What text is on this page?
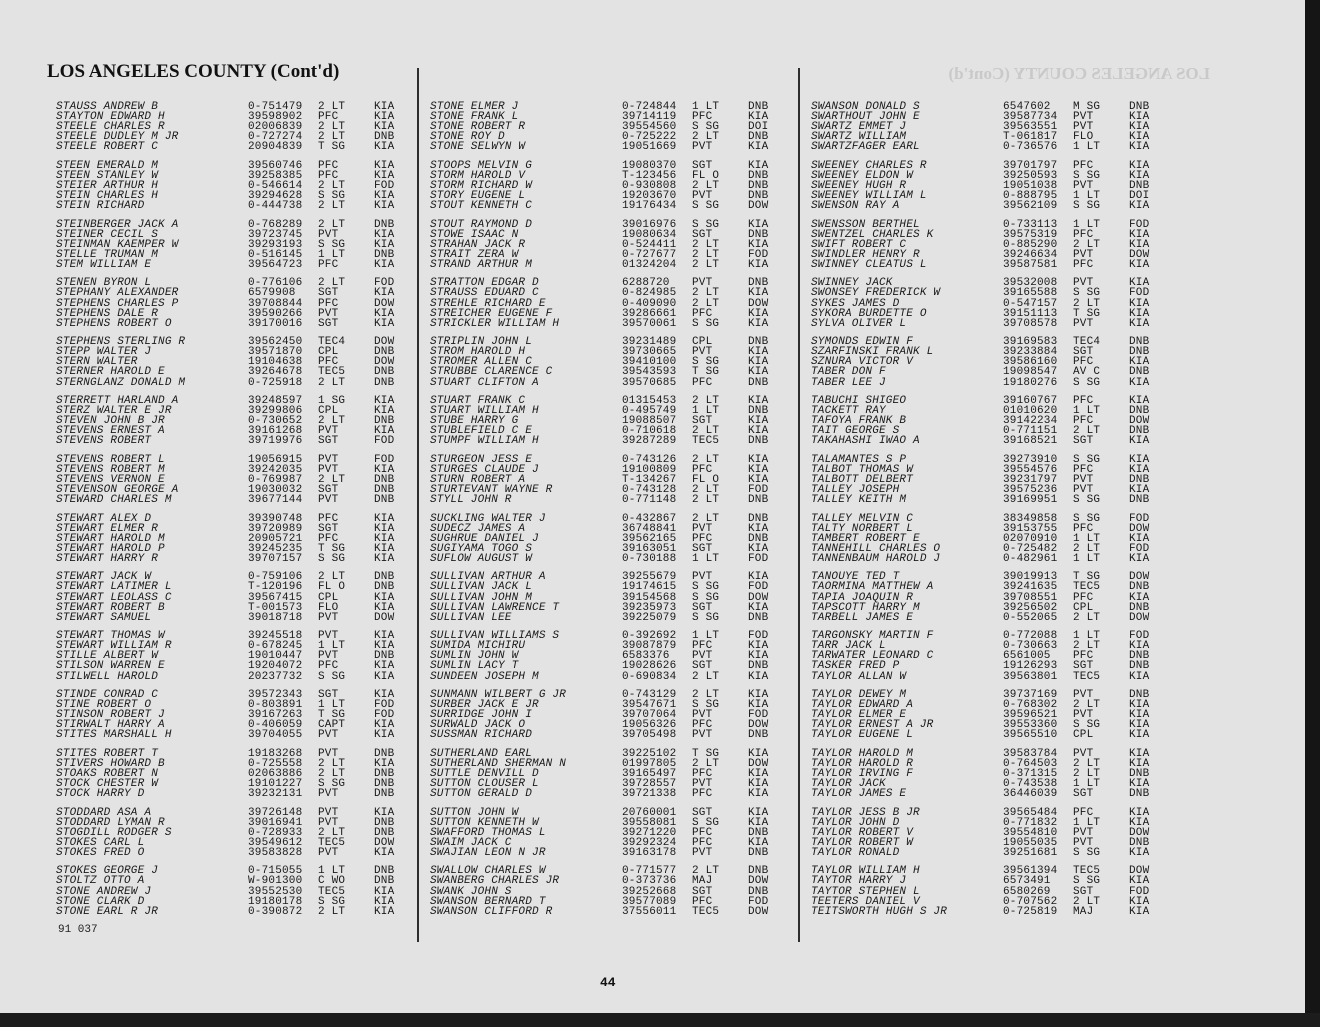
LOS ANGELES COUNTY (Cont'd)
LOS ANGELES COUNTY (Cont'd)
STAUSS ANDREW B	0-751479 2 LT	KIA
STAYTON EDWARD H	39598902 PFC	KIA
STEELE CHARLES R	02006839 2 LT	KIA
STEELE DUDLEY M JR	0-727274 2 LT	DNB
STEELE ROBERT C	20904839 T SG	KIA
STEEN EMERALD M	39560746 PFC	KIA
STEEN STANLEY W	39258385 PFC	KIA
STEIER ARTHUR H	0-546614 2 LT	FOD
STEIN CHARLES H	39294628 S SG	KIA
STEIN RICHARD	0-444738 2 LT	KIA
STEINBERGER JACK A	0-768289 2 LT	DNB
STEINER CECIL S	39723745 PVT	KIA
STEINMAN KAEMPER W	39293193 S SG	KIA
STELLE TRUMAN M	0-516145 1 LT	DNB
STEM WILLIAM E	39564723 PFC	KIA
STENEN BYRON L	0-776106 2 LT	FOD
STEPHANY ALEXANDER	6579908 SGT	KIA
STEPHENS CHARLES P	39708844 PFC	DOW
STEPHENS DALE R	39590266 PVT	KIA
STEPHENS ROBERT O	39170016 SGT	KIA
STEPHENS STERLING R	39562450 TEC4	DOW
STEPP WALTER J	39571870 CPL	DNB
STERN WALTER	19104638 PFC	DOW
STERNER HAROLD E	39264678 TEC5	DNB
STERNGLANZ DONALD M	0-725918 2 LT	DNB
STERRETT HARLAND A	39248597 1 SG	KIA
STERZ WALTER E JR	39299806 CPL	KIA
STEVEN JOHN B JR	0-730652 2 LT	DNB
STEVENS ERNEST A	39161268 PVT	KIA
STEVENS ROBERT	39719976 SGT	FOD
STEVENS ROBERT L	19056915 PVT	FOD
STEVENS ROBERT M	39242035 PVT	KIA
STEVENS VERNON E	0-769987 2 LT	DNB
STEVENSON GEORGE A	19030032 SGT	DNB
STEWARD CHARLES M	39677144 PVT	DNB
STEWART ALEX D	39390748 PFC	KIA
STEWART ELMER R	39720989 SGT	KIA
STEWART HAROLD M	20905721 PFC	KIA
STEWART HAROLD P	39245235 T SG	KIA
STEWART HARRY R	39707157 S SG	KIA
STEWART JACK W	0-759106 2 LT	DNB
STEWART LATIMER L	T-120196 FL O	DNB
STEWART LEOLASS C	39567415 CPL	KIA
STEWART ROBERT B	T-001573 FLO	KIA
STEWART SAMUEL	39018718 PVT	DOW
STEWART THOMAS W	39245518 PVT	KIA
STEWART WILLIAM R	0-678245 1 LT	KIA
STILLE ALBERT W	19010447 PVT	DNB
STILSON WARREN E	19204072 PFC	KIA
STILWELL HAROLD	20237732 S SG	KIA
STINDE CONRAD C	39572343 SGT	KIA
STINE ROBERT O	0-803891 1 LT	FOD
STINSON ROBERT J	39167263 T SG	FOD
STIRWALT HARRY A	0-406059 CAPT	KIA
STITES MARSHALL H	39704055 PVT	KIA
STITES ROBERT T	19183268 PVT	DNB
STIVERS HOWARD B	0-725558 2 LT	KIA
STOAKS ROBERT N	02063886 2 LT	DNB
STOCK CHESTER W	19101227 S SG	DNB
STOCK HARRY D	39232131 PVT	DNB
STODDARD ASA A	39726148 PVT	KIA
STODDARD LYMAN R	39016941 PVT	DNB
STOGDILL RODGER S	0-728933 2 LT	DNB
STOKES CARL L	39549612 TEC5	DOW
STOKES FRED O	39583828 PVT	KIA
STOKES GEORGE J	0-715055 1 LT	DNB
STOLTZ OTTO A	W-901300 C WO	DNB
STONE ANDREW J	39552530 TEC5	KIA
STONE CLARK D	19180178 S SG	KIA
STONE EARL R JR	0-390872 2 LT	KIA
STONE ELMER J	0-724844 1 LT	DNB
STONE FRANK L	39714119 PFC	KIA
STONE ROBERT R	39554560 S SG	DOI
STONE ROY D	0-725222 2 LT	DNB
STONE SELWYN W	19051669 PVT	KIA
STOOPS MELVIN G	19080370 SGT	KIA
STORM HAROLD V	T-123456 FL O	DNB
STORM RICHARD W	0-930808 2 LT	DNB
STORY EUGENE L	19203670 PVT	DNB
STOUT KENNETH C	19176434 S SG	DOW
STOUT RAYMOND D	39016976 S SG	KIA
STOWE ISAAC N	19080634 SGT	DNB
STRAHAN JACK R	0-524411 2 LT	KIA
STRAIT ZERA W	0-727677 2 LT	FOD
STRAND ARTHUR M	01324204 2 LT	KIA
STRATTON EDGAR D	6288720 PVT	DNB
STRAUSS EDUARD C	0-824985 2 LT	KIA
STREHLE RICHARD E	0-409090 2 LT	DOW
STREICHER EUGENE F	39286661 PFC	KIA
STRICKLER WILLIAM H	39570061 S SG	KIA
STRIPLIN JOHN L	39231489 CPL	DNB
STROM HAROLD H	39730665 PVT	KIA
STROMER ALLEN C	39410100 S SG	KIA
STRUBBE CLARENCE C	39543593 T SG	KIA
STUART CLIFTON A	39570685 PFC	DNB
STUART FRANK C	01315453 2 LT	KIA
STUART WILLIAM H	0-495749 1 LT	DNB
STUBE HARRY G	19088507 SGT	KIA
STUBLEFIELD C E	0-710618 2 LT	KIA
STUMPF WILLIAM H	39287289 TEC5	DNB
STURGEON JESS E	0-743126 2 LT	KIA
STURGES CLAUDE J	19100809 PFC	KIA
STURN ROBERT A	T-134267 FL O	KIA
STURTEVANT WAYNE R	0-743128 2 LT	FOD
STYLL JOHN R	0-771148 2 LT	DNB
SUCKLING WALTER J	0-432867 2 LT	DNB
SUDECZ JAMES A	36748841 PVT	KIA
SUGHRUE DANIEL J	39562165 PFC	DNB
SUGIYAMA TOGO S	39163051 SGT	KIA
SUFLOW AUGUST W	0-730188 1 LT	FOD
SULLIVAN ARTHUR A	39255679 PVT	KIA
SULLIVAN JACK L	19174615 S SG	FOD
SULLIVAN JOHN M	39154568 S SG	DOW
SULLIVAN LAWRENCE T	39235973 SGT	KIA
SULLIVAN LEE	39225079 S SG	DNB
SULLIVAN WILLIAMS S	0-392692 1 LT	FOD
SUMIDA MICHIRU	39087879 PFC	KIA
SUMLIN JOHN W	6583376 PVT	KIA
SUMLIN LACY T	19028626 SGT	DNB
SUNDEEN JOSEPH M	0-690834 2 LT	KIA
SUNMANN WILBERT G JR	0-743129 2 LT	KIA
SURBER JACK E JR	39547671 S SG	KIA
SURRIDGE JOHN I	39707064 PVT	FOD
SURWALD JACK O	19056326 PFC	DOW
SUSSMAN RICHARD	39705498 PVT	DNB
SUTHERLAND EARL	39225102 T SG	KIA
SUTHERLAND SHERMAN N	01997805 2 LT	DOW
SUTTLE DENVILL D	39165497 PFC	KIA
SUTTON CLOUSER L	39728557 PVT	KIA
SUTTON GERALD D	39721338 PFC	KIA
SUTTON JOHN W	20760001 SGT	KIA
SUTTON KENNETH W	39558081 S SG	KIA
SWAFFORD THOMAS L	39271220 PFC	DNB
SWAIM JACK C	39292324 PFC	KIA
SWAJIAN LEON N JR	39163178 PVT	DNB
SWALLOW CHARLES W	0-771577 2 LT	DNB
SWANBERG CHARLES JR	0-373736 MAJ	DOW
SWANK JOHN S	39252668 SGT	DNB
SWANSON BERNARD T	39577089 PFC	FOD
SWANSON CLIFFORD R	37556011 TEC5	DOW
SWANSON DONALD S	6547602 M SG	DNB
SWARTHOUT JOHN E	39587734 PVT	KIA
SWARTZ EMMET J	39563551 PVT	KIA
SWARTZ WILLIAM	T-061817 FLO	KIA
SWARTZFAGER EARL	0-736576 1 LT	KIA
SWEENEY CHARLES R	39701797 PFC	KIA
SWEENEY ELDON W	39250593 S SG	KIA
SWEENEY HUGH R	19051038 PVT	DNB
SWEENEY WILLIAM L	0-888795 1 LT	DOI
SWENSON RAY A	39562109 S SG	KIA
SWENSSON BERTHEL	0-733113 1 LT	FOD
SWENTZEL CHARLES K	39575319 PFC	KIA
SWIFT ROBERT C	0-885290 2 LT	KIA
SWINDLER HENRY R	39246634 PVT	DOW
SWINNEY CLEATUS L	39587581 PFC	KIA
SWINNEY JACK	39532008 PVT	KIA
SWONSEY FREDERICK W	39165588 S SG	FOD
SYKES JAMES D	0-547157 2 LT	KIA
SYKORA BURDETTE O	39151113 T SG	KIA
SYLVA OLIVER L	39708578 PVT	KIA
SYMONDS EDWIN F	39169583 TEC4	DNB
SZARFINSKI FRANK L	39233884 SGT	DNB
SZNURA VICTOR V	39586160 PFC	KIA
TABER DON F	19098547 AV C	DNB
TABER LEE J	19180276 S SG	KIA
TABUCHI SHIGEO	39160767 PFC	KIA
TACKETT RAY	01010620 1 LT	DNB
TAFOYA FRANK B	39142234 PFC	DOW
TAIT GEORGE S	0-771151 2 LT	DNB
TAKAHASHI IWAO A	39168521 SGT	KIA
TALAMANTES S P	39273910 S SG	KIA
TALBOT THOMAS W	39554576 PFC	KIA
TALBOTT DELBERT	39231797 PVT	DNB
TALLEY JOSEPH	39575236 PVT	KIA
TALLEY KEITH M	39169951 S SG	DNB
TALLEY MELVIN C	38349858 S SG	FOD
TALTY NORBERT L	39153755 PFC	DOW
TAMBERT ROBERT E	02070910 1 LT	KIA
TANNEHILL CHARLES O	0-725482 2 LT	FOD
TANNENBAUM HAROLD J	0-482961 1 LT	KIA
TANOUYE TED T	39019913 T SG	DOW
TAORMINA MATTHEW A	39241635 TEC5	DNB
TAPIA JOAQUIN R	39708551 PFC	KIA
TAPSCOTT HARRY M	39256502 CPL	DNB
TARBELL JAMES E	0-552065 2 LT	DOW
TARGONSKY MARTIN F	0-772088 1 LT	FOD
TARR JACK L	0-730663 2 LT	KIA
TARWATER LEONARD C	6561005 PFC	DNB
TASKER FRED P	19126293 SGT	DNB
TAYLOR ALLAN W	39563801 TEC5	KIA
TAYLOR DEWEY M	39737169 PVT	DNB
TAYLOR EDWARD A	0-768302 2 LT	KIA
TAYLOR ELMER E	39596521 PVT	KIA
TAYLOR ERNEST A JR	39553360 S SG	KIA
TAYLOR EUGENE L	39565510 CPL	KIA
TAYLOR HAROLD M	39583784 PVT	KIA
TAYLOR HAROLD R	0-764503 2 LT	KIA
TAYLOR IRVING F	0-371315 2 LT	DNB
TAYLOR JACK	0-743538 1 LT	KIA
TAYLOR JAMES E	36446039 SGT	DNB
TAYLOR JESS B JR	39565484 PFC	KIA
TAYLOR JOHN D	0-771832 1 LT	KIA
TAYLOR ROBERT V	39554810 PVT	DOW
TAYLOR ROBERT W	19055035 PVT	DNB
TAYLOR RONALD	39251681 S SG	KIA
TAYLOR WILLIAM H	39561394 TEC5	DOW
TAYTOR HARRY J	6573491 S SG	KIA
TAYTOR STEPHEN L	6580269 SGT	FOD
TEETERS DANIEL V	0-707562 2 LT	KIA
TEITSWORTH HUGH S JR	0-725819 MAJ	KIA
91 037
44
